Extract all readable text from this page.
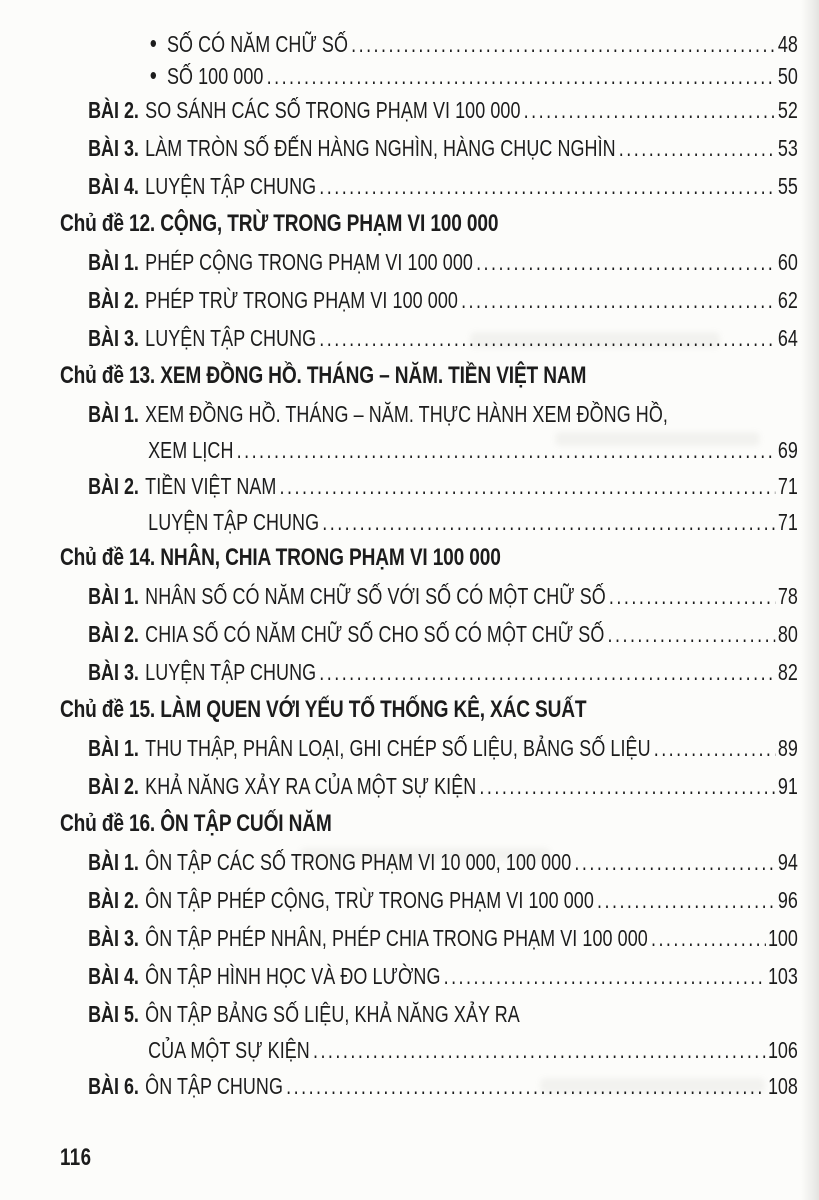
• SỐ CÓ NĂM CHỮ SỐ .....	48
• SỐ 100 000 .....	50
BÀI 2. SO SÁNH CÁC SỐ TRONG PHẠM VI 100 000 .....	52
BÀI 3. LÀM TRÒN SỐ ĐẾN HÀNG NGHÌN, HÀNG CHỤC NGHÌN .....	53
BÀI 4. LUYỆN TẬP CHUNG .....	55
Chủ đề 12. CỘNG, TRỪ TRONG PHẠM VI 100 000
BÀI 1. PHÉP CỘNG TRONG PHẠM VI 100 000 .....	60
BÀI 2. PHÉP TRỪ TRONG PHẠM VI 100 000 .....	62
BÀI 3. LUYỆN TẬP CHUNG .....	64
Chủ đề 13. XEM ĐỒNG HỒ. THÁNG – NĂM. TIỀN VIỆT NAM
BÀI 1. XEM ĐỒNG HỒ. THÁNG – NĂM. THỰC HÀNH XEM ĐỒNG HỒ,
XEM LỊCH .....	69
BÀI 2. TIỀN VIỆT NAM .....	71
LUYỆN TẬP CHUNG .....	71
Chủ đề 14. NHÂN, CHIA TRONG PHẠM VI 100 000
BÀI 1. NHÂN SỐ CÓ NĂM CHỮ SỐ VỚI SỐ CÓ MỘT CHỮ SỐ .....	78
BÀI 2. CHIA SỐ CÓ NĂM CHỮ SỐ CHO SỐ CÓ MỘT CHỮ SỐ .....	80
BÀI 3. LUYỆN TẬP CHUNG .....	82
Chủ đề 15. LÀM QUEN VỚI YẾU TỐ THỐNG KÊ, XÁC SUẤT
BÀI 1. THU THẬP, PHÂN LOẠI, GHI CHÉP SỐ LIỆU, BẢNG SỐ LIỆU .....	89
BÀI 2. KHẢ NĂNG XẢY RA CỦA MỘT SỰ KIỆN .....	91
Chủ đề 16. ÔN TẬP CUỐI NĂM
BÀI 1. ÔN TẬP CÁC SỐ TRONG PHẠM VI 10 000, 100 000 .....	94
BÀI 2. ÔN TẬP PHÉP CỘNG, TRỪ TRONG PHẠM VI 100 000 .....	96
BÀI 3. ÔN TẬP PHÉP NHÂN, PHÉP CHIA TRONG PHẠM VI 100 000 .....	100
BÀI 4. ÔN TẬP HÌNH HỌC VÀ ĐO LƯỜNG .....	103
BÀI 5. ÔN TẬP BẢNG SỐ LIỆU, KHẢ NĂNG XẢY RA
CỦA MỘT SỰ KIỆN .....	106
BÀI 6. ÔN TẬP CHUNG .....	108
116
